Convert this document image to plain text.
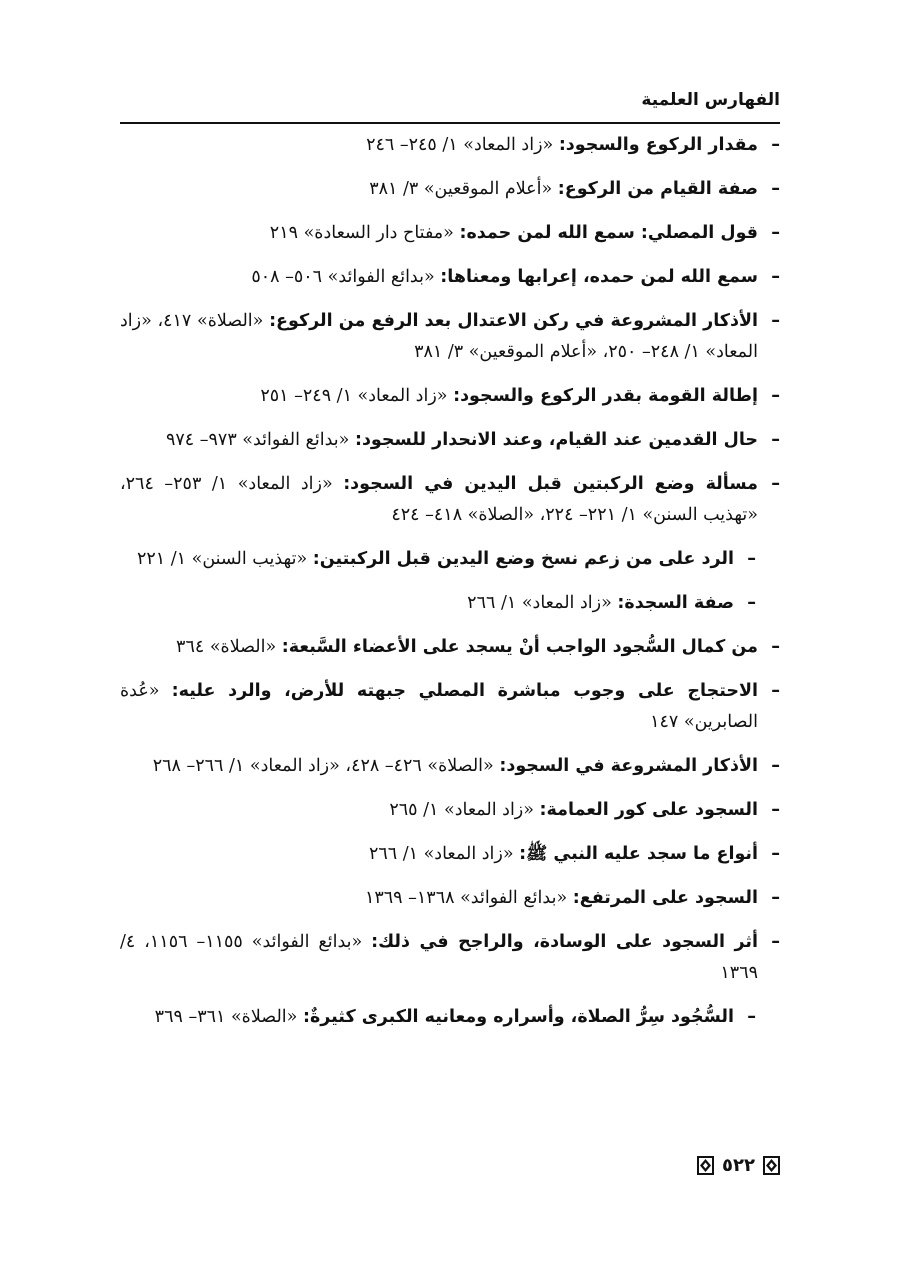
الفهارس العلمية
–
مقدار الركوع والسجود: «زاد المعاد» ١/ ٢٤٥– ٢٤٦
–
صفة القيام من الركوع: «أعلام الموقعين» ٣/ ٣٨١
–
قول المصلي: سمع الله لمن حمده: «مفتاح دار السعادة» ٢١٩
–
سمع الله لمن حمده، إعرابها ومعناها: «بدائع الفوائد» ٥٠٦– ٥٠٨
–
الأذكار المشروعة في ركن الاعتدال بعد الرفع من الركوع: «الصلاة» ٤١٧، «زاد المعاد» ١/ ٢٤٨– ٢٥٠، «أعلام الموقعين» ٣/ ٣٨١
–
إطالة القومة بقدر الركوع والسجود: «زاد المعاد» ١/ ٢٤٩– ٢٥١
–
حال القدمين عند القيام، وعند الانحدار للسجود: «بدائع الفوائد» ٩٧٣– ٩٧٤
–
مسألة وضع الركبتين قبل اليدين في السجود: «زاد المعاد» ١/ ٢٥٣– ٢٦٤، «تهذيب السنن» ١/ ٢٢١– ٢٢٤، «الصلاة» ٤١٨– ٤٢٤
–
الرد على من زعم نسخ وضع اليدين قبل الركبتين: «تهذيب السنن» ١/ ٢٢١
–
صفة السجدة: «زاد المعاد» ١/ ٢٦٦
–
من كمال السُّجود الواجب أنْ يسجد على الأعضاء السَّبعة: «الصلاة» ٣٦٤
–
الاحتجاج على وجوب مباشرة المصلي جبهته للأرض، والرد عليه: «عُدة الصابرين» ١٤٧
–
الأذكار المشروعة في السجود: «الصلاة» ٤٢٦– ٤٢٨، «زاد المعاد» ١/ ٢٦٦– ٢٦٨
–
السجود على كور العمامة: «زاد المعاد» ١/ ٢٦٥
–
أنواع ما سجد عليه النبي ﷺ: «زاد المعاد» ١/ ٢٦٦
–
السجود على المرتفع: «بدائع الفوائد» ١٣٦٨– ١٣٦٩
–
أثر السجود على الوسادة، والراجح في ذلك: «بدائع الفوائد» ١١٥٥– ١١٥٦، ٤/ ١٣٦٩
–
السُّجُود سِرُّ الصلاة، وأسراره ومعانيه الكبرى كثيرةٌ: «الصلاة» ٣٦١– ٣٦٩
٥٢٢
